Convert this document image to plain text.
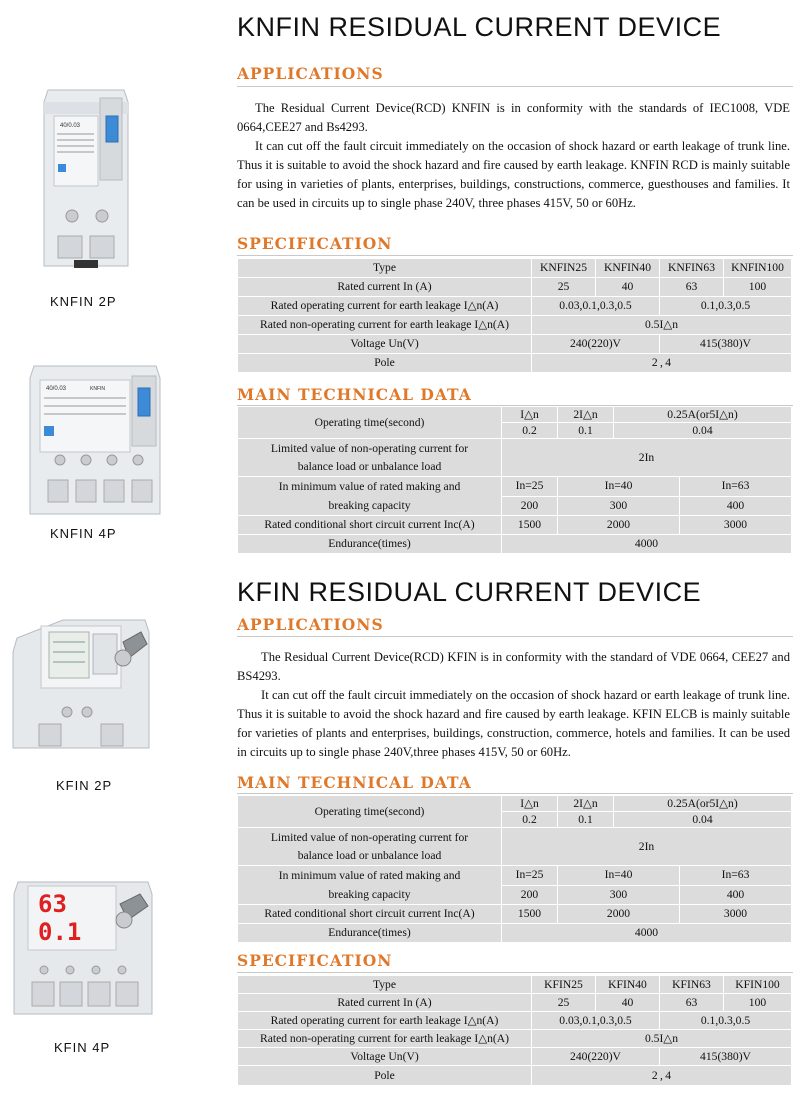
KNFIN RESIDUAL CURRENT DEVICE
APPLICATIONS

The Residual Current Device(RCD) KNFIN is in conformity with the standards of IEC1008, VDE 0664,CEE27 and Bs4293.

It can cut off the fault circuit immediately on the occasion of shock hazard or earth leakage of trunk line. Thus it is suitable to avoid the shock hazard and fire caused by earth leakage. KNFIN RCD is mainly suitable for using in varieties of plants, enterprises, buildings, constructions, commerce, guesthouses and families. It can be used in circuits up to single phase 240V, three phases 415V, 50 or 60Hz.

SPECIFICATION
Type	KNFIN25	KNFIN40	KNFIN63	KNFIN100
Rated current In (A)	25	40	63	100
Rated operating current for earth leakage I△n(A)	0.03,0.1,0.3,0.5		0.1,0.3,0.5	
Rated non-operating current for earth leakage I△n(A)	0.5I△n			
Voltage Un(V)	240(220)V		415(380)V	
Pole	2 , 4			
MAIN TECHNICAL DATA
Operating time(second)	I△n	2I△n	0.25A(or5I△n)	
	0.2	0.1	0.04	
Limited value of non-operating current for
balance load or unbalance load	2In			
In minimum value of rated making and
breaking capacity	In=25	In=40		In=63
	200	300		400
Rated conditional short circuit current Inc(A)	1500	2000		3000
Endurance(times)	4000			
40/0.03
KNFIN 2P
40/0.03	KNFIN
KNFIN 4P
KFIN RESIDUAL CURRENT DEVICE
APPLICATIONS

The Residual Current Device(RCD) KFIN is in conformity with the standard of VDE 0664, CEE27 and BS4293.

It can cut off the fault circuit immediately on the occasion of shock hazard or earth leakage of trunk line. Thus it is suitable to avoid the shock hazard and fire caused by earth leakage. KFIN ELCB is mainly suitable for varieties of plants and enterprises, buildings, construction, commerce, hotels and families. It can be used in circuits up to single phase 240V,three phases 415V, 50 or 60Hz.

MAIN TECHNICAL DATA
Operating time(second)	I△n	2I△n	0.25A(or5I△n)	
	0.2	0.1	0.04	
Limited value of non-operating current for
balance load or unbalance load	2In			
In minimum value of rated making and
breaking capacity	In=25	In=40		In=63
	200	300		400
Rated conditional short circuit current Inc(A)	1500	2000		3000
Endurance(times)	4000			
SPECIFICATION
Type	KFIN25	KFIN40	KFIN63	KFIN100
Rated current In (A)	25	40	63	100
Rated operating current for earth leakage I△n(A)	0.03,0.1,0.3,0.5		0.1,0.3,0.5	
Rated non-operating current for earth leakage I△n(A)	0.5I△n			
Voltage Un(V)	240(220)V		415(380)V	
Pole	2 , 4			
KFIN 2P
63
0.1
KFIN 4P
